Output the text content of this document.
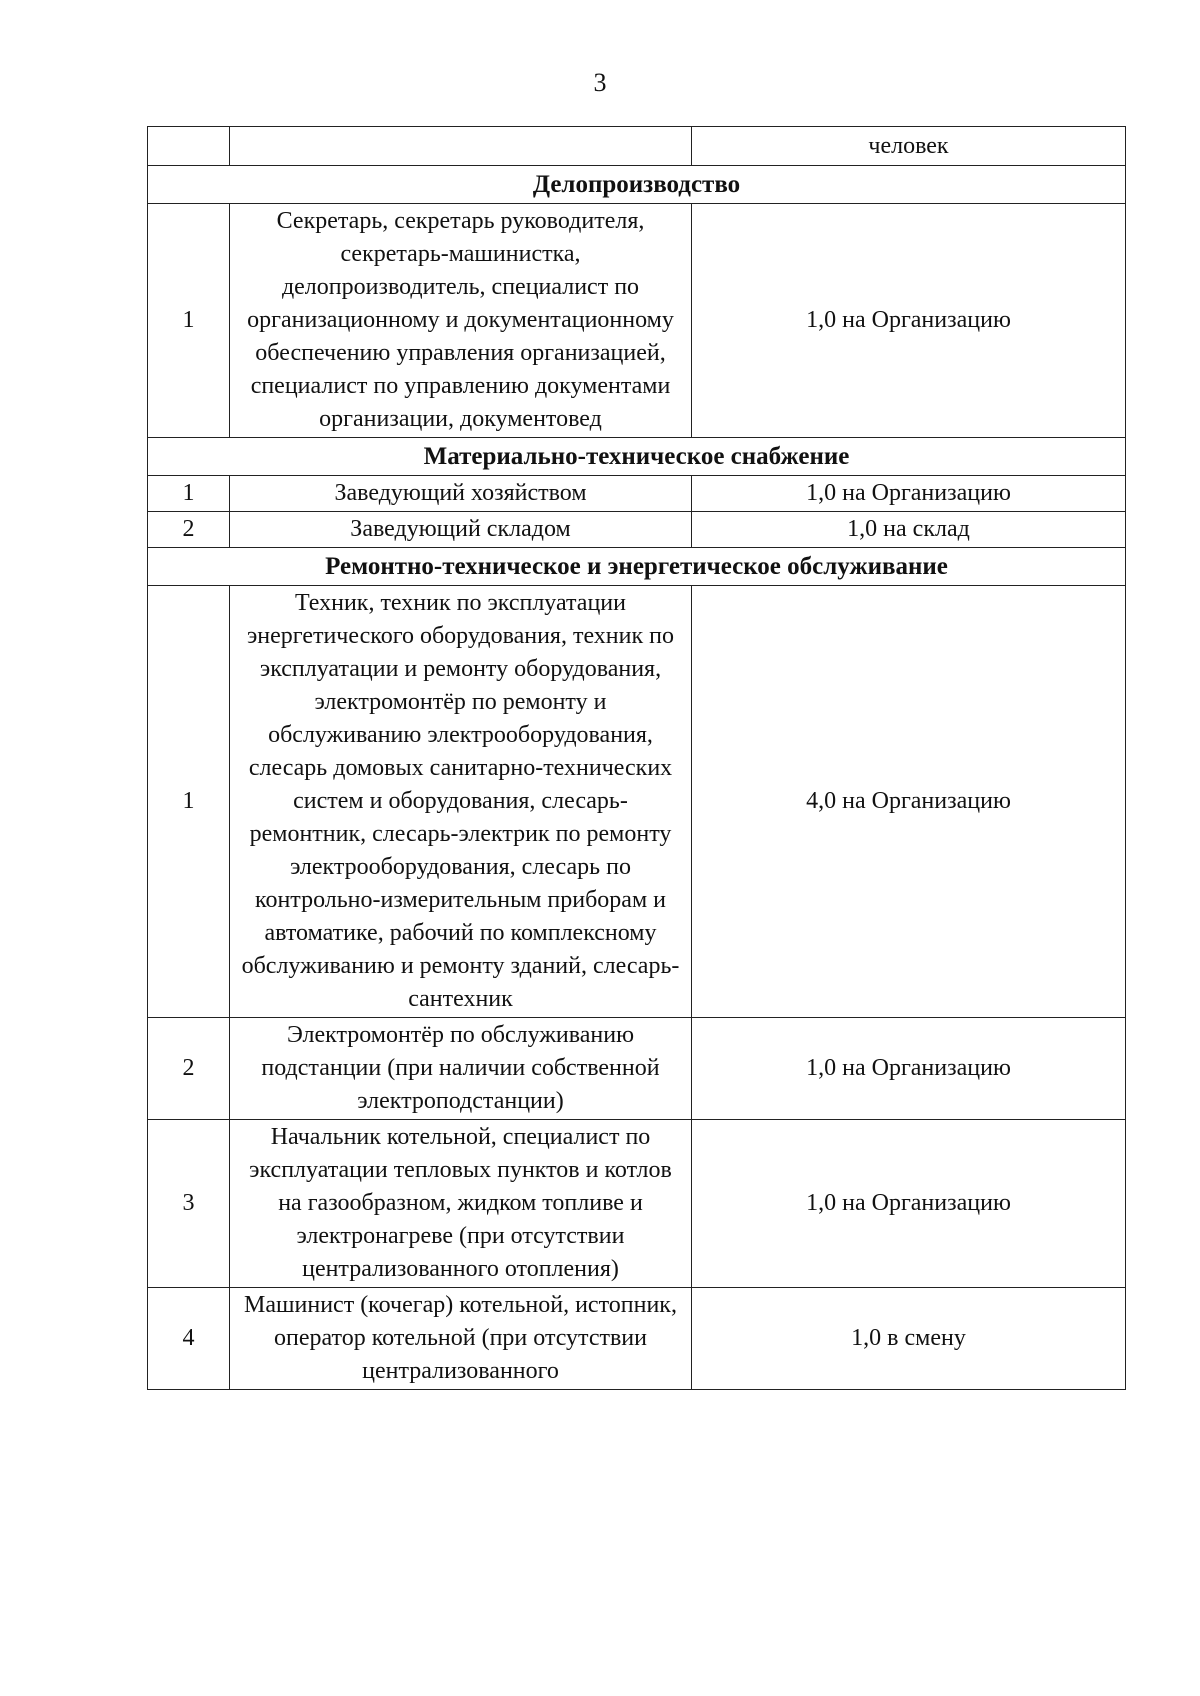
3
		человек
Делопроизводство		
1	Секретарь, секретарь руководителя, секретарь-машинистка, делопроизводитель, специалист по организационному и документационному обеспечению управления организацией, специалист по управлению документами организации, документовед	1,0 на Организацию
Материально-техническое снабжение		
1	Заведующий хозяйством	1,0 на Организацию
2	Заведующий складом	1,0 на склад
Ремонтно-техническое и энергетическое обслуживание		
1	Техник, техник по эксплуатации энергетического оборудования, техник по эксплуатации и ремонту оборудования, электромонтёр по ремонту и обслуживанию электрооборудования, слесарь домовых санитарно-технических систем и оборудования, слесарь-ремонтник, слесарь-электрик по ремонту электрооборудования, слесарь по контрольно-измерительным приборам и автоматике, рабочий по комплексному обслуживанию и ремонту зданий, слесарь-сантехник	4,0 на Организацию
2	Электромонтёр по обслуживанию подстанции (при наличии собственной электроподстанции)	1,0 на Организацию
3	Начальник котельной, специалист по эксплуатации тепловых пунктов и котлов на газообразном, жидком топливе и электронагреве (при отсутствии централизованного отопления)	1,0 на Организацию
4	Машинист (кочегар) котельной, истопник, оператор котельной (при отсутствии централизованного	1,0 в смену
